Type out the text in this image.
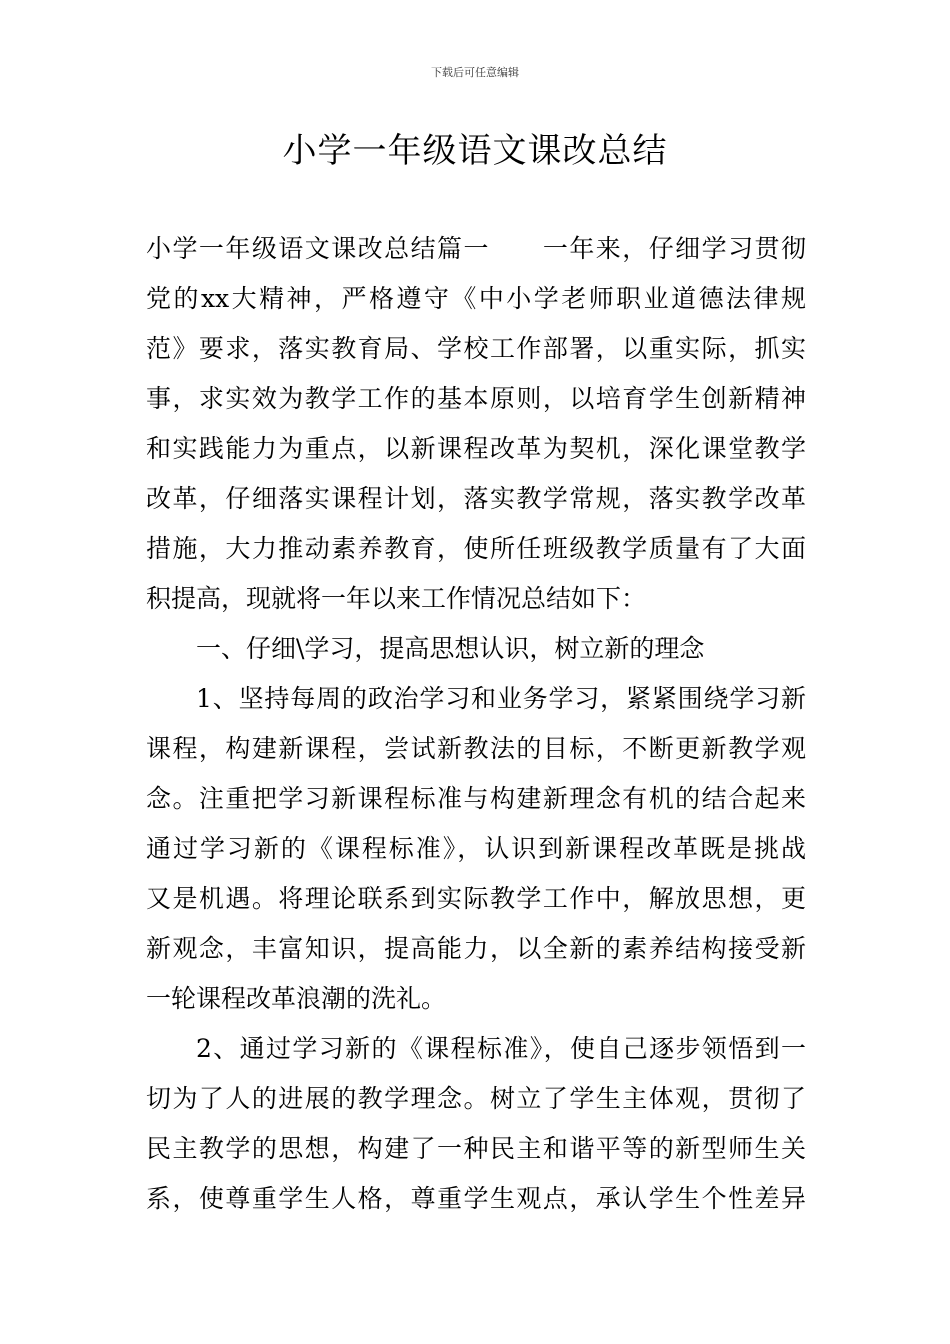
下载后可任意编辑
小学一年级语文课改总结
小学一年级语文课改总结篇一　　一年来，仔细学习贯彻
党的xx大精神，严格遵守《中小学老师职业道德法律规
范》要求，落实教育局、学校工作部署，以重实际，抓实
事，求实效为教学工作的基本原则，以培育学生创新精神
和实践能力为重点，以新课程改革为契机，深化课堂教学
改革，仔细落实课程计划，落实教学常规，落实教学改革
措施，大力推动素养教育，使所任班级教学质量有了大面
积提高，现就将一年以来工作情况总结如下：
一、仔细\学习，提高思想认识，树立新的理念
1、坚持每周的政治学习和业务学习，紧紧围绕学习新
课程，构建新课程，尝试新教法的目标，不断更新教学观
念。注重把学习新课程标准与构建新理念有机的结合起来
通过学习新的《课程标准》，认识到新课程改革既是挑战
又是机遇。将理论联系到实际教学工作中，解放思想，更
新观念，丰富知识，提高能力，以全新的素养结构接受新
一轮课程改革浪潮的洗礼。
2、通过学习新的《课程标准》，使自己逐步领悟到一
切为了人的进展的教学理念。树立了学生主体观，贯彻了
民主教学的思想，构建了一种民主和谐平等的新型师生关
系，使尊重学生人格，尊重学生观点，承认学生个性差异
